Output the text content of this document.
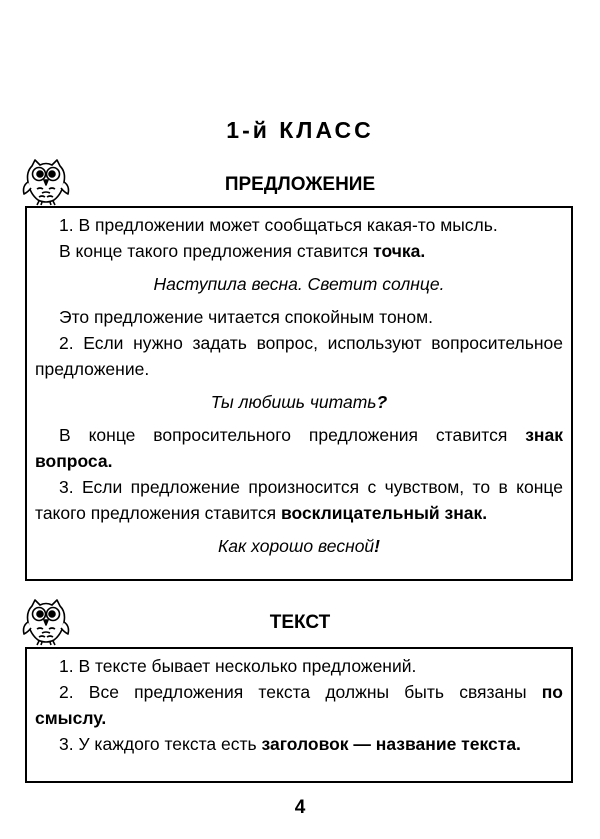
1-й КЛАСС
ПРЕДЛОЖЕНИЕ

1. В предложении может сообщаться какая-то мысль.

В конце такого предложения ставится точка.

Наступила весна. Светит солнце.

Это предложение читается спокойным тоном.

2. Если нужно задать вопрос, используют вопросительное предложение.

Ты любишь читать?

В конце вопросительного предложения ставится знак вопроса.

3. Если предложение произносится с чувством, то в конце такого предложения ставится восклицательный знак.

Как хорошо весной!

ТЕКСТ

1. В тексте бывает несколько предложений.

2. Все предложения текста должны быть связаны по смыслу.

3. У каждого текста есть заголовок — название текста.

4
